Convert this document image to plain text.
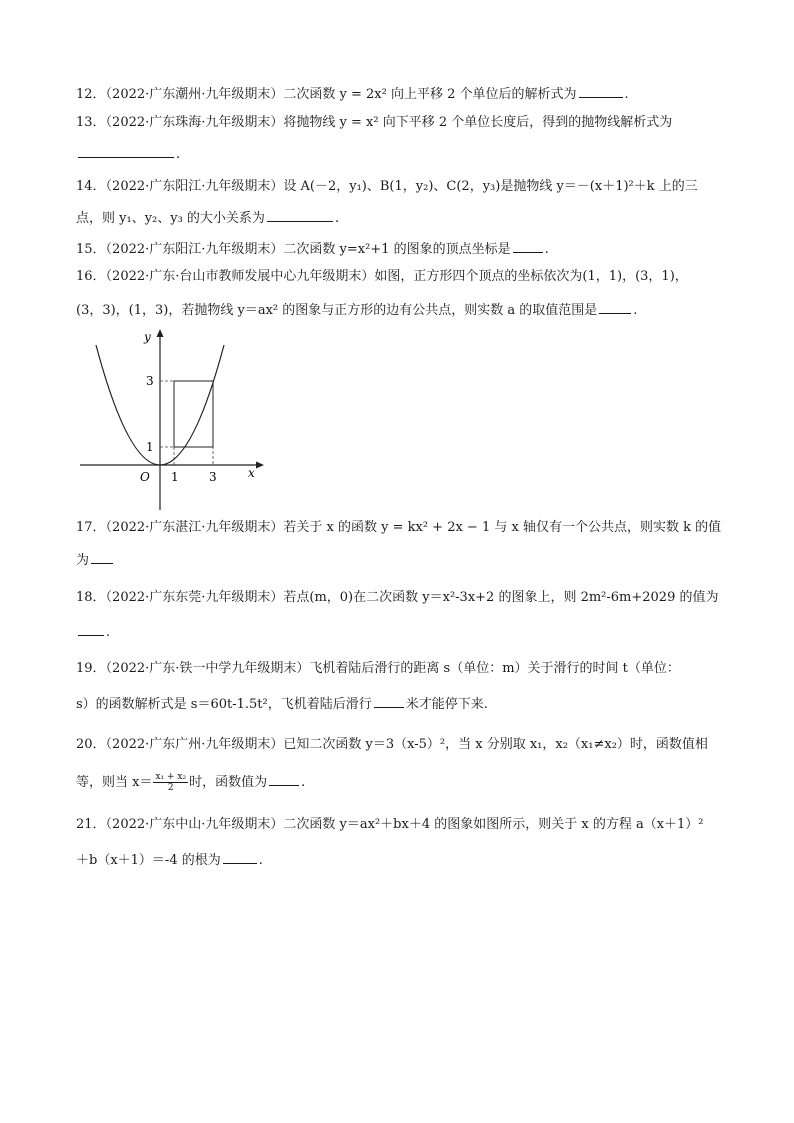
12．（2022·广东潮州·九年级期末）二次函数 y = 2x² 向上平移 2 个单位后的解析式为	.
13．（2022·广东珠海·九年级期末）将抛物线 y = x² 向下平移 2 个单位长度后，得到的抛物线解析式为
.
14．（2022·广东阳江·九年级期末）设 A(－2，y₁)、B(1，y₂)、C(2，y₃)是抛物线 y＝－(x＋1)²＋k 上的三
点，则 y₁、y₂、y₃ 的大小关系为	.
15．（2022·广东阳江·九年级期末）二次函数 y=x²+1 的图象的顶点坐标是	.
16．（2022·广东·台山市教师发展中心九年级期末）如图，正方形四个顶点的坐标依次为(1，1)，(3，1)，
(3，3)，(1，3)，若抛物线 y＝ax² 的图象与正方形的边有公共点，则实数 a 的取值范围是	.
x
y
O 1	3
1
3
17．（2022·广东湛江·九年级期末）若关于 x 的函数 y = kx² + 2x − 1 与 x 轴仅有一个公共点，则实数 k 的值
为
18．（2022·广东东莞·九年级期末）若点(m，0)在二次函数 y＝x²-3x+2 的图象上，则 2m²-6m+2029 的值为
.
19．（2022·广东·铁一中学九年级期末）飞机着陆后滑行的距离 s（单位：m）关于滑行的时间 t（单位：
s）的函数解析式是 s＝60t-1.5t²，飞机着陆后滑行	米才能停下来.
20．（2022·广东广州·九年级期末）已知二次函数 y＝3（x-5）²，当 x 分别取 x₁，x₂（x₁≠x₂）时，函数值相
等，则当 $x= \frac{\text{x₁ + x₂}}{2}$ 时，函数值为	.
21．（2022·广东中山·九年级期末）二次函数 y＝ax²＋bx＋4 的图象如图所示，则关于 x 的方程 a（x＋1）²
＋b（x＋1）＝-4 的根为	.
